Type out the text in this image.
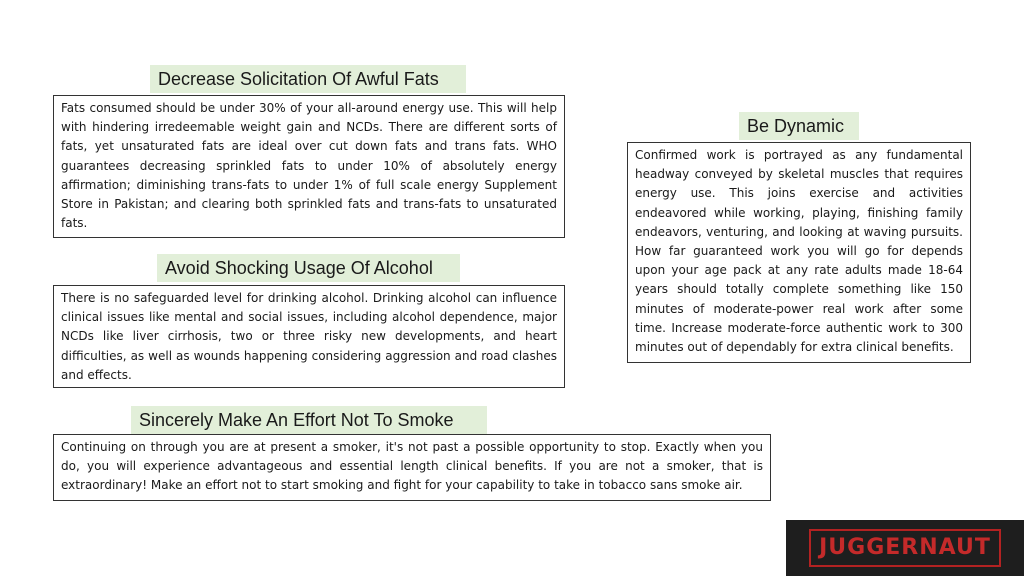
Decrease Solicitation Of Awful Fats
Fats consumed should be under 30% of your all-around energy use. This will help with hindering irredeemable weight gain and NCDs. There are different sorts of fats, yet unsaturated fats are ideal over cut down fats and trans fats. WHO guarantees decreasing sprinkled fats to under 10% of absolutely energy affirmation; diminishing trans-fats to under 1% of full scale energy Supplement Store in Pakistan; and clearing both sprinkled fats and trans-fats to unsaturated fats.
Be Dynamic
Confirmed work is portrayed as any fundamental headway conveyed by skeletal muscles that requires energy use. This joins exercise and activities endeavored while working, playing, finishing family endeavors, venturing, and looking at waving pursuits. How far guaranteed work you will go for depends upon your age pack at any rate adults made 18-64 years should totally complete something like 150 minutes of moderate-power real work after some time. Increase moderate-force authentic work to 300 minutes out of dependably for extra clinical benefits.
Avoid Shocking Usage Of Alcohol
There is no safeguarded level for drinking alcohol. Drinking alcohol can influence clinical issues like mental and social issues, including alcohol dependence, major NCDs like liver cirrhosis, two or three risky new developments, and heart difficulties, as well as wounds happening considering aggression and road clashes and effects.
Sincerely Make An Effort Not To Smoke
Continuing on through you are at present a smoker, it's not past a possible opportunity to stop. Exactly when you do, you will experience advantageous and essential length clinical benefits. If you are not a smoker, that is extraordinary! Make an effort not to start smoking and fight for your capability to take in tobacco sans smoke air.
JUGGERNAUT
